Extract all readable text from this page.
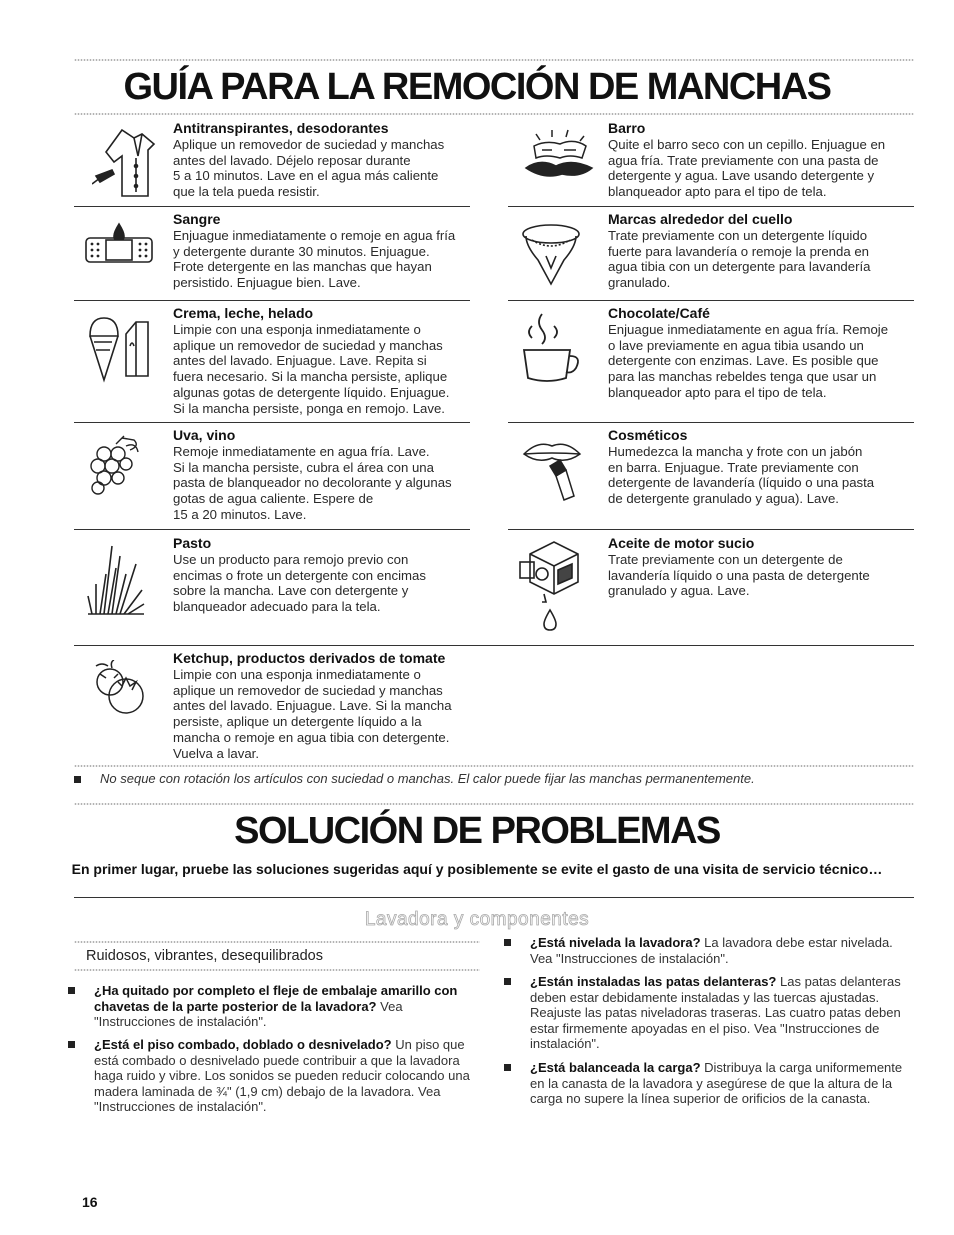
GUÍA PARA LA REMOCIÓN DE MANCHAS
Antitranspirantes, desodorantes

Aplique un removedor de suciedad y manchas
antes del lavado. Déjelo reposar durante
5 a 10 minutos. Lave en el agua más caliente
que la tela pueda resistir.

Barro

Quite el barro seco con un cepillo. Enjuague en
agua fría. Trate previamente con una pasta de
detergente y agua. Lave usando detergente y
blanqueador apto para el tipo de tela.

Sangre

Enjuague inmediatamente o remoje en agua fría
y detergente durante 30 minutos. Enjuague.
Frote detergente en las manchas que hayan
persistido. Enjuague bien. Lave.

Marcas alrededor del cuello

Trate previamente con un detergente líquido
fuerte para lavandería o remoje la prenda en
agua tibia con un detergente para lavandería
granulado.

Crema, leche, helado

Limpie con una esponja inmediatamente o
aplique un removedor de suciedad y manchas
antes del lavado. Enjuague. Lave. Repita si
fuera necesario. Si la mancha persiste, aplique
algunas gotas de detergente líquido. Enjuague.
Si la mancha persiste, ponga en remojo. Lave.

Chocolate/Café

Enjuague inmediatamente en agua fría. Remoje
o lave previamente en agua tibia usando un
detergente con enzimas. Lave. Es posible que
para las manchas rebeldes tenga que usar un
blanqueador apto para el tipo de tela.

Uva, vino

Remoje inmediatamente en agua fría. Lave.
Si la mancha persiste, cubra el área con una
pasta de blanqueador no decolorante y algunas
gotas de agua caliente. Espere de
15 a 20 minutos. Lave.

Cosméticos

Humedezca la mancha y frote con un jabón
en barra. Enjuague. Trate previamente con
detergente de lavandería (líquido o una pasta
de detergente granulado y agua). Lave.

Pasto

Use un producto para remojo previo con
encimas o frote un detergente con encimas
sobre la mancha. Lave con detergente y
blanqueador adecuado para la tela.

Aceite de motor sucio

Trate previamente con un detergente de
lavandería líquido o una pasta de detergente
granulado y agua. Lave.

Ketchup, productos derivados de tomate

Limpie con una esponja inmediatamente o
aplique un removedor de suciedad y manchas
antes del lavado. Enjuague. Lave. Si la mancha
persiste, aplique un detergente líquido a la
mancha o remoje en agua tibia con detergente.
Vuelva a lavar.

No seque con rotación los artículos con suciedad o manchas. El calor puede fijar las manchas permanentemente.
SOLUCIÓN DE PROBLEMAS
En primer lugar, pruebe las soluciones sugeridas aquí y posiblemente se evite el gasto de una visita de servicio técnico…
Lavadora y componentes
Ruidosos, vibrantes, desequilibrados
¿Ha quitado por completo el fleje de embalaje amarillo con chavetas de la parte posterior de la lavadora? Vea "Instrucciones de instalación".
¿Está el piso combado, doblado o desnivelado? Un piso que está combado o desnivelado puede contribuir a que la lavadora haga ruido y vibre. Los sonidos se pueden reducir colocando una madera laminada de ¾" (1,9 cm) debajo de la lavadora. Vea "Instrucciones de instalación".
¿Está nivelada la lavadora? La lavadora debe estar nivelada. Vea "Instrucciones de instalación".
¿Están instaladas las patas delanteras? Las patas delanteras deben estar debidamente instaladas y las tuercas ajustadas. Reajuste las patas niveladoras traseras. Las cuatro patas deben estar firmemente apoyadas en el piso. Vea "Instrucciones de instalación".
¿Está balanceada la carga? Distribuya la carga uniformemente en la canasta de la lavadora y asegúrese de que la altura de la carga no supere la línea superior de orificios de la canasta.
16
